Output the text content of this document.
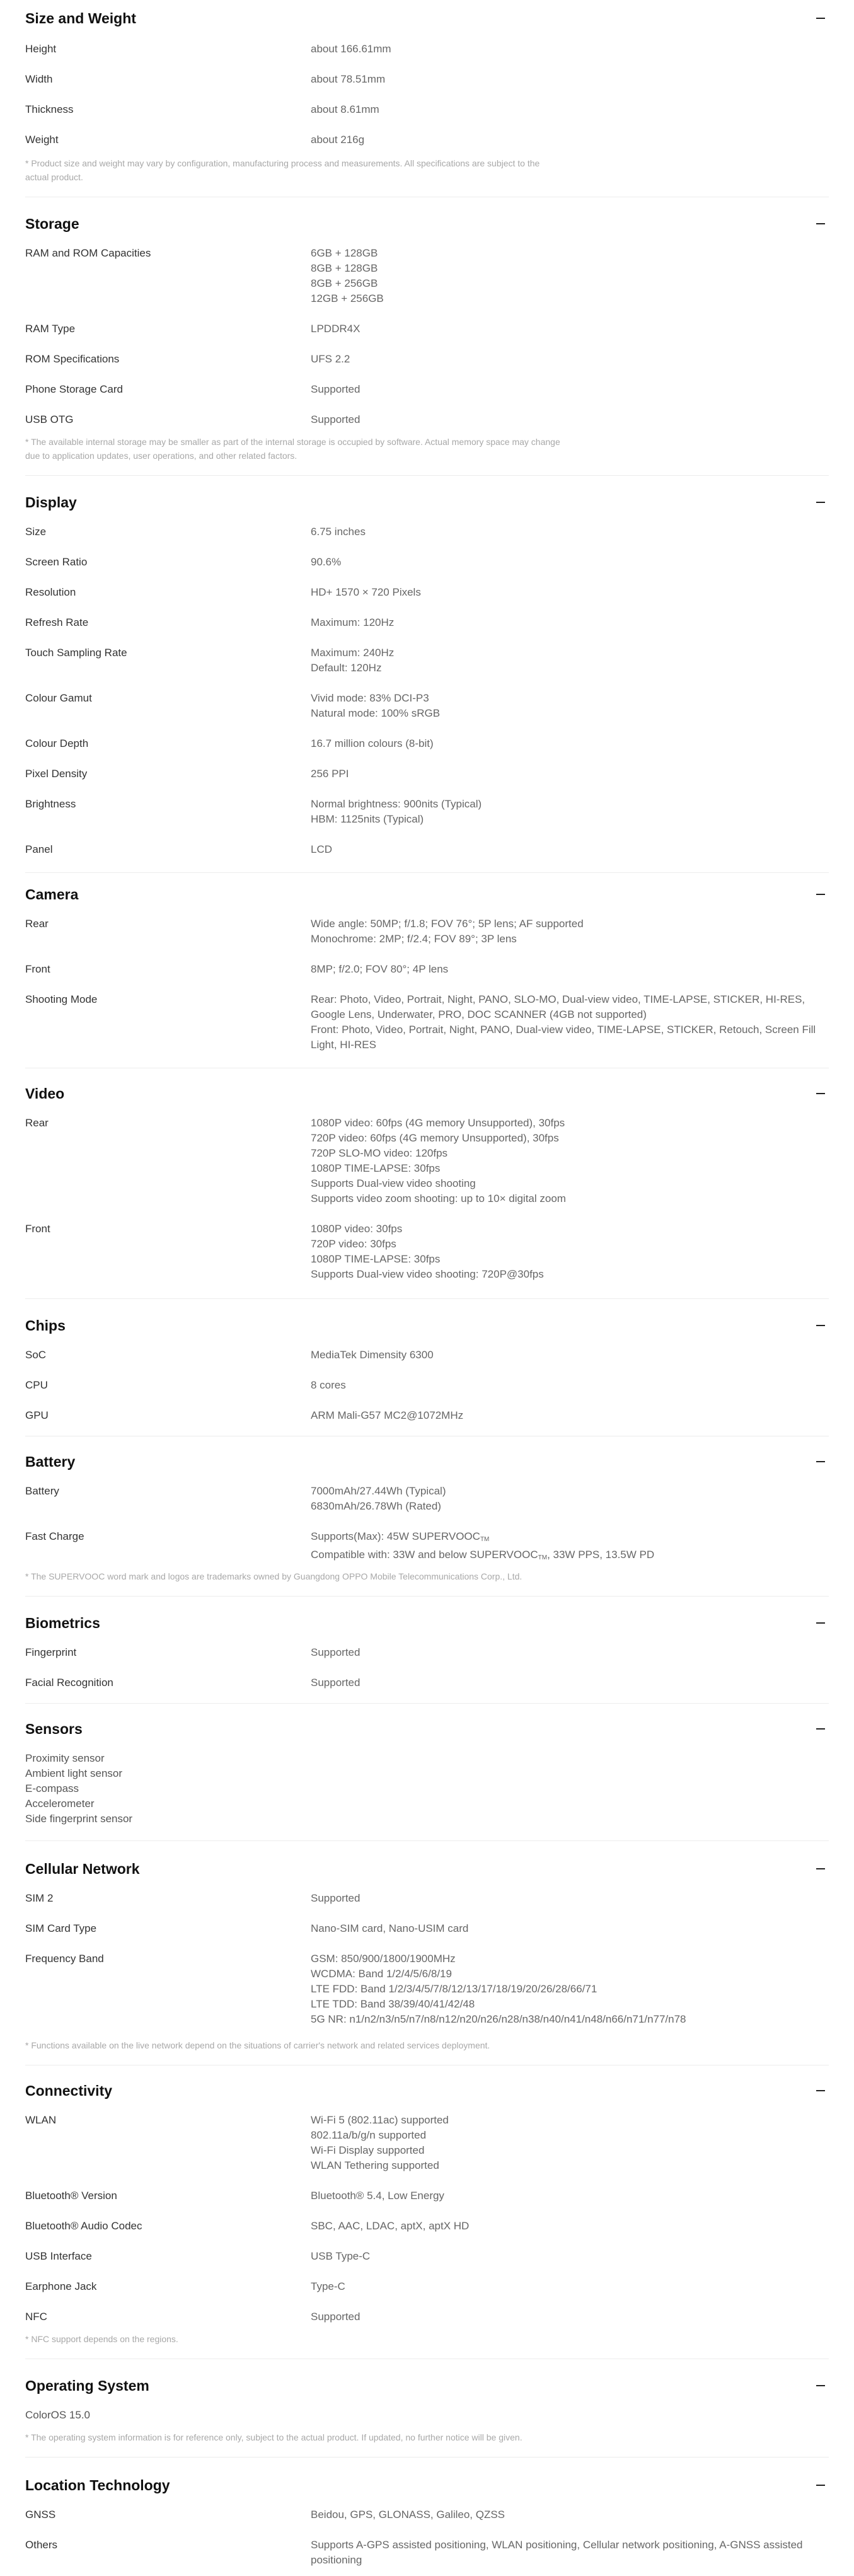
Size and Weight
Height	about 166.61mm
Width	about 78.51mm
Thickness	about 8.61mm
Weight	about 216g
* Product size and weight may vary by configuration, manufacturing process and measurements. All specifications are subject to the
actual product.
Storage
RAM and ROM Capacities	6GB + 128GB
8GB + 128GB
8GB + 256GB
12GB + 256GB
RAM Type	LPDDR4X
ROM Specifications	UFS 2.2
Phone Storage Card	Supported
USB OTG	Supported
* The available internal storage may be smaller as part of the internal storage is occupied by software. Actual memory space may change
due to application updates, user operations, and other related factors.
Display
Size	6.75 inches
Screen Ratio	90.6%
Resolution	HD+ 1570 × 720 Pixels
Refresh Rate	Maximum: 120Hz
Touch Sampling Rate	Maximum: 240Hz
Default: 120Hz
Colour Gamut	Vivid mode: 83% DCI-P3
Natural mode: 100% sRGB
Colour Depth	16.7 million colours (8-bit)
Pixel Density	256 PPI
Brightness	Normal brightness: 900nits (Typical)
HBM: 1125nits (Typical)
Panel	LCD
Camera
Rear	Wide angle: 50MP; f/1.8; FOV 76°; 5P lens; AF supported
Monochrome: 2MP; f/2.4; FOV 89°; 3P lens
Front	8MP; f/2.0; FOV 80°; 4P lens
Shooting Mode	Rear: Photo, Video, Portrait, Night, PANO, SLO-MO, Dual-view video, TIME-LAPSE, STICKER, HI-RES,
Google Lens, Underwater, PRO, DOC SCANNER (4GB not supported)
Front: Photo, Video, Portrait, Night, PANO, Dual-view video, TIME-LAPSE, STICKER, Retouch, Screen Fill
Light, HI-RES
Video
Rear	1080P video: 60fps (4G memory Unsupported), 30fps
720P video: 60fps (4G memory Unsupported), 30fps
720P SLO-MO video: 120fps
1080P TIME-LAPSE: 30fps
Supports Dual-view video shooting
Supports video zoom shooting: up to 10× digital zoom
Front	1080P video: 30fps
720P video: 30fps
1080P TIME-LAPSE: 30fps
Supports Dual-view video shooting: 720P@30fps
Chips
SoC	MediaTek Dimensity 6300
CPU	8 cores
GPU	ARM Mali-G57 MC2@1072MHz
Battery
Battery	7000mAh/27.44Wh (Typical)
6830mAh/26.78Wh (Rated)
Fast Charge	Supports(Max): 45W $SUPERVOOC_{TM}$
Compatible with: 33W and below $SUPERVOOC_{TM}$, 33W PPS, 13.5W PD
* The SUPERVOOC word mark and logos are trademarks owned by Guangdong OPPO Mobile Telecommunications Corp., Ltd.
Biometrics
Fingerprint	Supported
Facial Recognition	Supported
Sensors
Proximity sensor
Ambient light sensor
E-compass
Accelerometer
Side fingerprint sensor
Cellular Network
SIM 2	Supported
SIM Card Type	Nano-SIM card, Nano-USIM card
Frequency Band	GSM: 850/900/1800/1900MHz
WCDMA: Band 1/2/4/5/6/8/19
LTE FDD: Band 1/2/3/4/5/7/8/12/13/17/18/19/20/26/28/66/71
LTE TDD: Band 38/39/40/41/42/48
5G NR: n1/n2/n3/n5/n7/n8/n12/n20/n26/n28/n38/n40/n41/n48/n66/n71/n77/n78
* Functions available on the live network depend on the situations of carrier's network and related services deployment.
Connectivity
WLAN	Wi-Fi 5 (802.11ac) supported
802.11a/b/g/n supported
Wi-Fi Display supported
WLAN Tethering supported
Bluetooth® Version	Bluetooth® 5.4, Low Energy
Bluetooth® Audio Codec	SBC, AAC, LDAC, aptX, aptX HD
USB Interface	USB Type-C
Earphone Jack	Type-C
NFC	Supported
* NFC support depends on the regions.
Operating System
ColorOS 15.0
* The operating system information is for reference only, subject to the actual product. If updated, no further notice will be given.
Location Technology
GNSS	Beidou, GPS, GLONASS, Galileo, QZSS
Others	Supports A-GPS assisted positioning, WLAN positioning, Cellular network positioning, A-GNSS assisted
positioning
